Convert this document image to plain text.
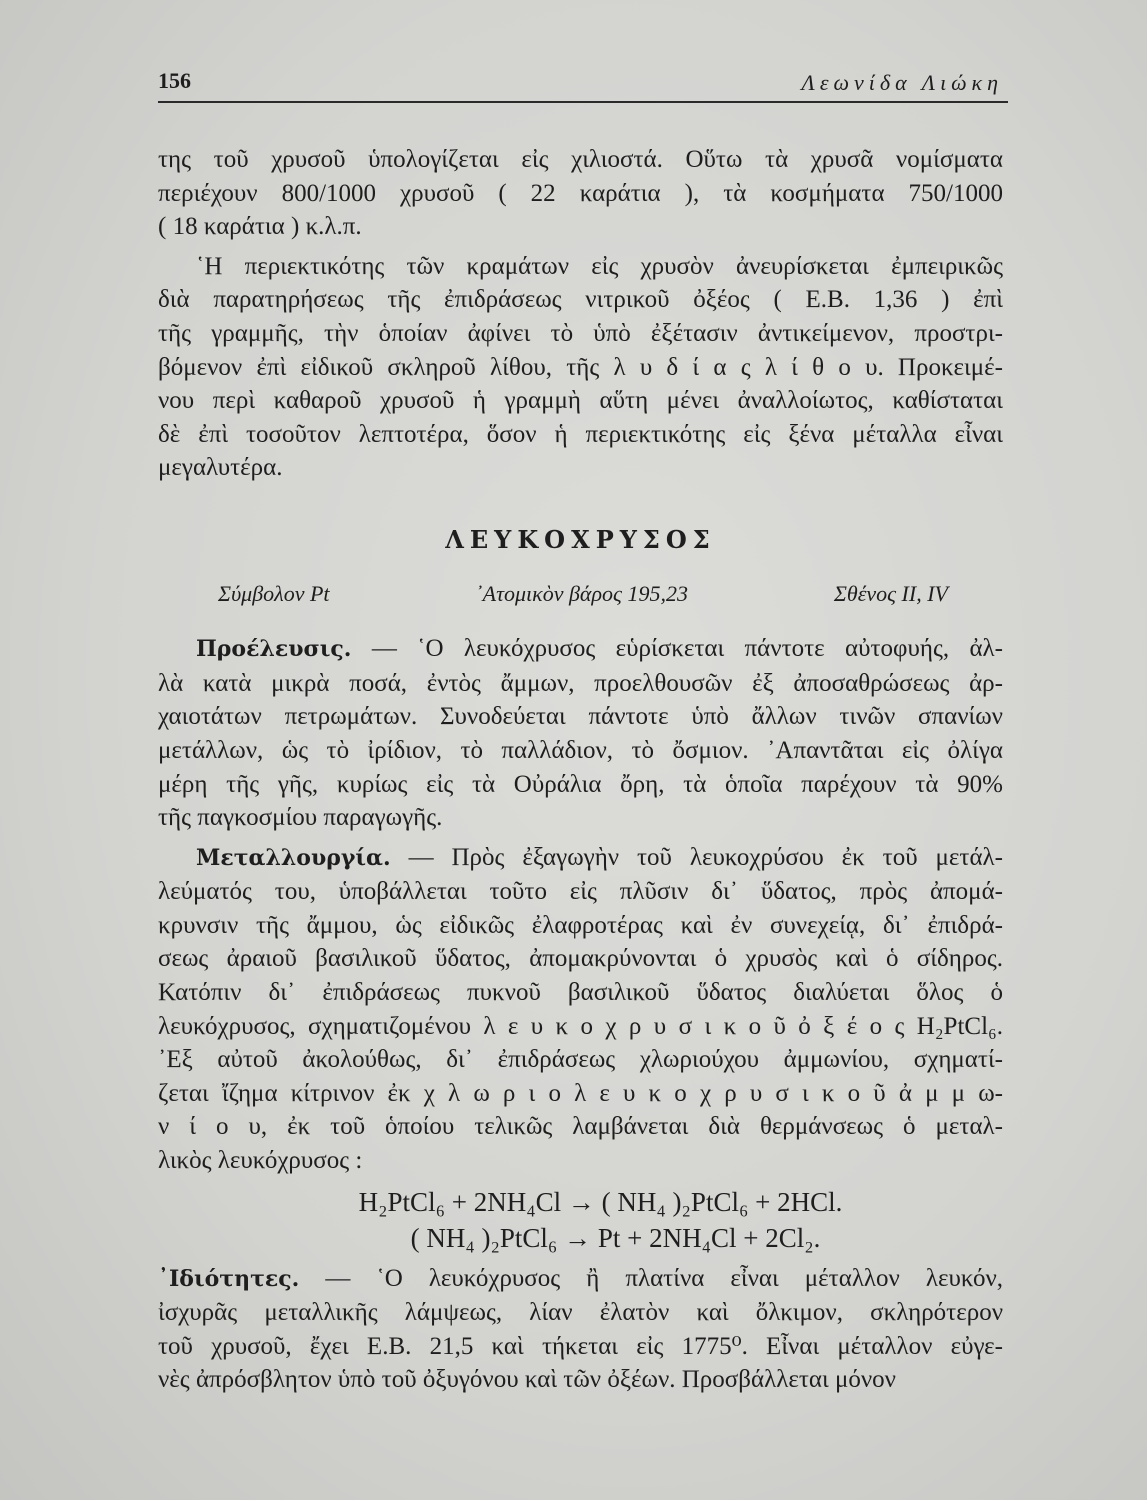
156	Λεωνίδα Λιώκη
της τοῦ χρυσοῦ ὑπολογίζεται εἰς χιλιοστά. Οὕτω τὰ χρυσᾶ νομίσματα
περιέχουν 800/1000 χρυσοῦ ( 22 καράτια ), τὰ κοσμήματα 750/1000
( 18 καράτια ) κ.λ.π.
῾Η περιεκτικότης τῶν κραμάτων εἰς χρυσὸν ἀνευρίσκεται ἐμπειρικῶς
διὰ παρατηρήσεως τῆς ἐπιδράσεως νιτρικοῦ ὀξέος ( Ε.Β. 1,36 ) ἐπὶ
τῆς γραμμῆς, τὴν ὁποίαν ἀφίνει τὸ ὑπὸ ἐξέτασιν ἀντικείμενον, προστρι-
βόμενον ἐπὶ εἰδικοῦ σκληροῦ λίθου, τῆς λ υ δ ί α ς λ ί θ ο υ. Προκειμέ-
νου περὶ καθαροῦ χρυσοῦ ἡ γραμμὴ αὕτη μένει ἀναλλοίωτος, καθίσταται
δὲ ἐπὶ τοσοῦτον λεπτοτέρα, ὅσον ἡ περιεκτικότης εἰς ξένα μέταλλα εἶναι
μεγαλυτέρα.
ΛΕΥΚΟΧΡΥΣΟΣ
Σύμβολον Pt	᾿Ατομικὸν βάρος 195,23	Σθένος II, IV
Προέλευσις. — ῾Ο λευκόχρυσος εὑρίσκεται πάντοτε αὐτοφυής, ἀλ-
λὰ κατὰ μικρὰ ποσά, ἐντὸς ἄμμων, προελθουσῶν ἐξ ἀποσαθρώσεως ἀρ-
χαιοτάτων πετρωμάτων. Συνοδεύεται πάντοτε ὑπὸ ἄλλων τινῶν σπανίων
μετάλλων, ὡς τὸ ἰρίδιον, τὸ παλλάδιον, τὸ ὄσμιον. ᾿Απαντᾶται εἰς ὀλίγα
μέρη τῆς γῆς, κυρίως εἰς τὰ Οὐράλια ὄρη, τὰ ὁποῖα παρέχουν τὰ 90%
τῆς παγκοσμίου παραγωγῆς.
Μεταλλουργία. — Πρὸς ἐξαγωγὴν τοῦ λευκοχρύσου ἐκ τοῦ μετάλ-
λεύματός του, ὑποβάλλεται τοῦτο εἰς πλῦσιν δι᾿ ὕδατος, πρὸς ἀπομά-
κρυνσιν τῆς ἄμμου, ὡς εἰδικῶς ἐλαφροτέρας καὶ ἐν συνεχείᾳ, δι᾿ ἐπιδρά-
σεως ἀραιοῦ βασιλικοῦ ὕδατος, ἀπομακρύνονται ὁ χρυσὸς καὶ ὁ σίδηρος.
Κατόπιν δι᾿ ἐπιδράσεως πυκνοῦ βασιλικοῦ ὕδατος διαλύεται ὅλος ὁ
λευκόχρυσος, σχηματιζομένου λ ε υ κ ο χ ρ υ σ ι κ ο ῦ ὀ ξ έ ο ς H₂PtCl₆.
᾿Εξ αὐτοῦ ἀκολούθως, δι᾿ ἐπιδράσεως χλωριούχου ἀμμωνίου, σχηματί-
ζεται ἴζημα κίτρινον ἐκ χ λ ω ρ ι ο λ ε υ κ ο χ ρ υ σ ι κ ο ῦ ἀ μ μ ω-
ν ί ο υ, ἐκ τοῦ ὁποίου τελικῶς λαμβάνεται διὰ θερμάνσεως ὁ μεταλ-
λικὸς λευκόχρυσος :
H₂PtCl₆ + 2NH₄Cl → ( NH₄ )₂PtCl₆ + 2HCl.
( NH₄ )₂PtCl₆ → Pt + 2NH₄Cl + 2Cl₂.
᾿Ιδιότητες. — ῾Ο λευκόχρυσος ἢ πλατίνα εἶναι μέταλλον λευκόν,
ἰσχυρᾶς μεταλλικῆς λάμψεως, λίαν ἐλατὸν καὶ ὄλκιμον, σκληρότερον
τοῦ χρυσοῦ, ἔχει Ε.Β. 21,5 καὶ τήκεται εἰς 1775⁰. Εἶναι μέταλλον εὐγε-
νὲς ἀπρόσβλητον ὑπὸ τοῦ ὀξυγόνου καὶ τῶν ὀξέων. Προσβάλλεται μόνον
